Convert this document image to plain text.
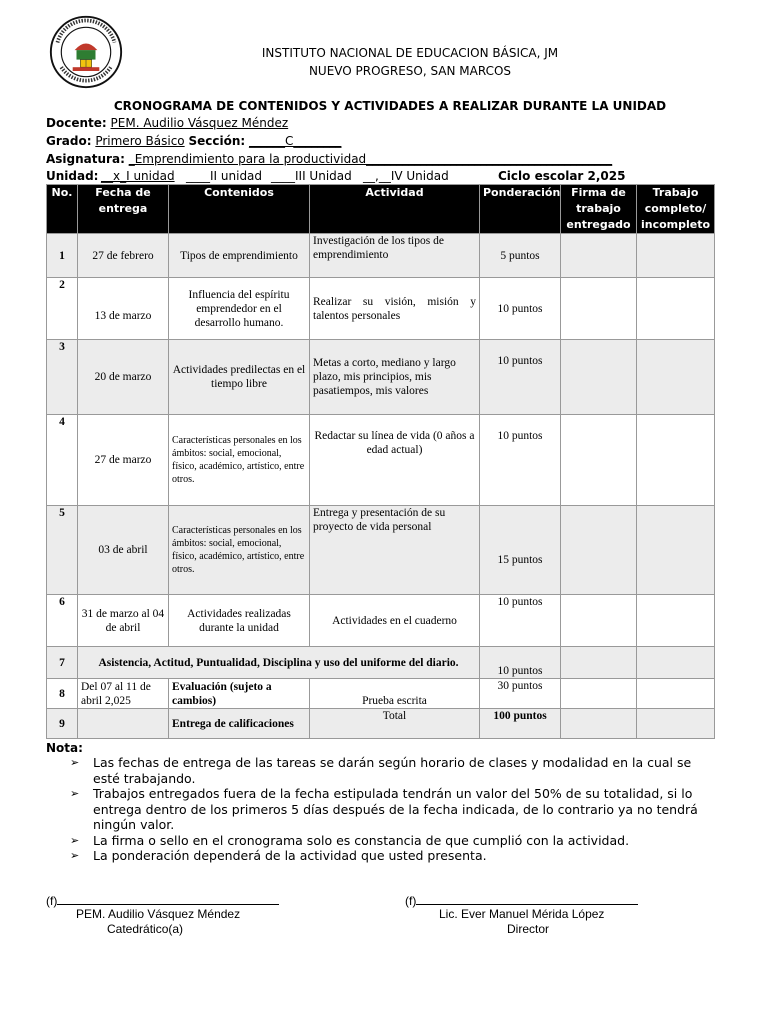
INSTITUTO NACIONAL DE EDUCACION BÁSICA, JM
NUEVO PROGRESO, SAN MARCOS
CRONOGRAMA DE CONTENIDOS Y ACTIVIDADES A REALIZAR DURANTE LA UNIDAD
Docente: PEM. Audilio Vásquez Méndez
Grado: Primero Básico Sección: ______C________
Asignatura: _Emprendimiento para la productividad_________________________________________
Unidad: __x_I unidad ____II unidad ____III Unidad __,__IV Unidad	Ciclo escolar 2,025
No.	Fecha de entrega	Contenidos	Actividad	Ponderación	Firma de trabajo entregado	Trabajo completo/ incompleto
1	27 de febrero	Tipos de emprendimiento	Investigación de los tipos de emprendimiento	5 puntos		
2	13 de marzo	Influencia del espíritu emprendedor en el desarrollo humano.	Realizar su visión, misión y talentos personales	10 puntos		
3	20 de marzo	Actividades predilectas en el tiempo libre	Metas a corto, mediano y largo plazo, mis principios, mis pasatiempos, mis valores	10 puntos		
4	27 de marzo	Características personales en los ámbitos: social, emocional, físico, académico, artístico, entre otros.	Redactar su línea de vida (0 años a edad actual)	10 puntos		
5	03 de abril	Características personales en los ámbitos: social, emocional, físico, académico, artístico, entre otros.	Entrega y presentación de su proyecto de vida personal	15 puntos		
6	31 de marzo al 04 de abril	Actividades realizadas durante la unidad	Actividades en el cuaderno	10 puntos		
7	Asistencia, Actitud, Puntualidad, Disciplina y uso del uniforme del diario.			10 puntos		
8	Del 07 al 11 de abril 2,025	Evaluación (sujeto a cambios)	Prueba escrita	30 puntos		
9		Entrega de calificaciones	Total	100 puntos		
Nota:
➢ Las fechas de entrega de las tareas se darán según horario de clases y modalidad en la cual se esté trabajando.
➢ Trabajos entregados fuera de la fecha estipulada tendrán un valor del 50% de su totalidad, si lo entrega dentro de los primeros 5 días después de la fecha indicada, de lo contrario ya no tendrá ningún valor.
➢ La firma o sello en el cronograma solo es constancia de que cumplió con la actividad.
➢ La ponderación dependerá de la actividad que usted presenta.
(f)
PEM. Audilio Vásquez Méndez
Catedrático(a)
(f)
Lic. Ever Manuel Mérida López
Director
